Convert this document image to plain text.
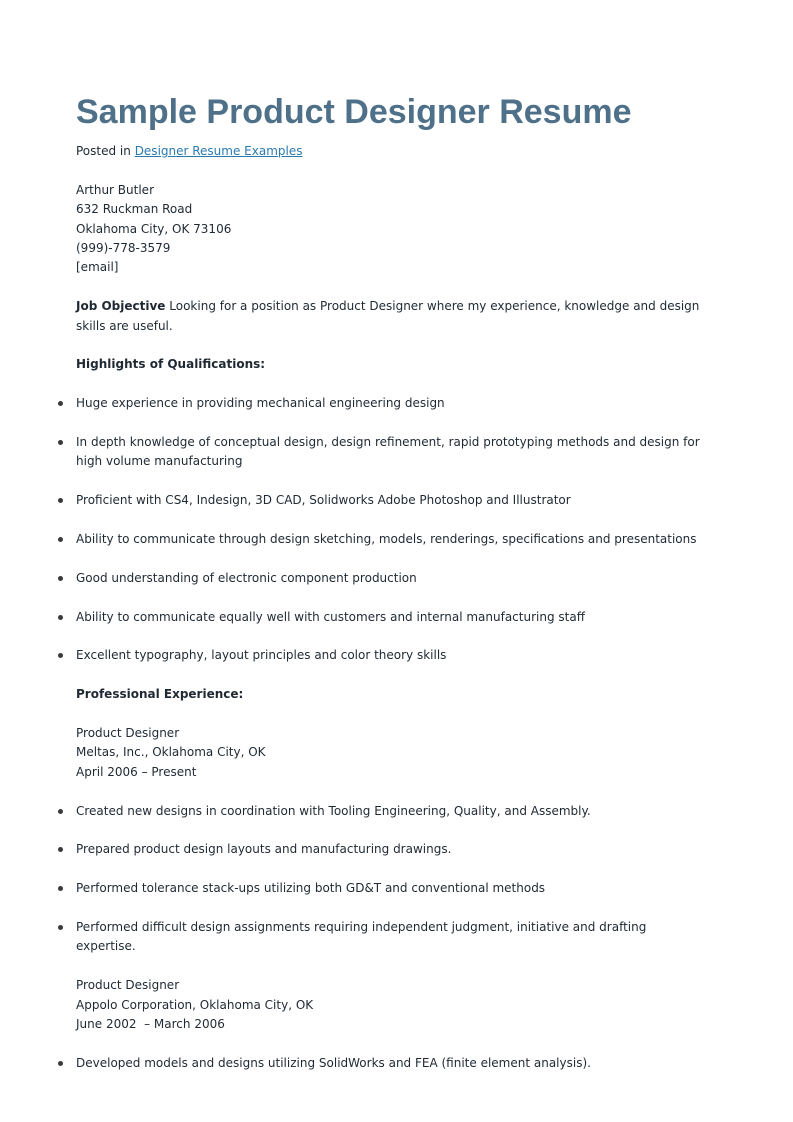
Sample Product Designer Resume
Posted in Designer Resume Examples
Arthur Butler
632 Ruckman Road
Oklahoma City, OK 73106
(999)-778-3579
[email]
Job Objective Looking for a position as Product Designer where my experience, knowledge and design skills are useful.
Highlights of Qualifications:
Huge experience in providing mechanical engineering design
In depth knowledge of conceptual design, design refinement, rapid prototyping methods and design for high volume manufacturing
Proficient with CS4, Indesign, 3D CAD, Solidworks Adobe Photoshop and Illustrator
Ability to communicate through design sketching, models, renderings, specifications and presentations
Good understanding of electronic component production
Ability to communicate equally well with customers and internal manufacturing staff
Excellent typography, layout principles and color theory skills
Professional Experience:
Product Designer
Meltas, Inc., Oklahoma City, OK
April 2006 – Present
Created new designs in coordination with Tooling Engineering, Quality, and Assembly.
Prepared product design layouts and manufacturing drawings.
Performed tolerance stack-ups utilizing both GD&T and conventional methods
Performed difficult design assignments requiring independent judgment, initiative and drafting expertise.
Product Designer
Appolo Corporation, Oklahoma City, OK
June 2002  – March 2006
Developed models and designs utilizing SolidWorks and FEA (finite element analysis).
